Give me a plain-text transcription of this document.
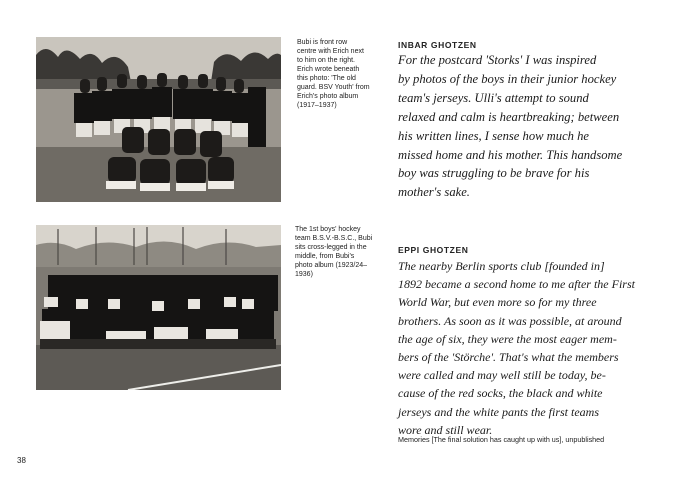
Bubi is front row
centre with Erich next
to him on the right.
Erich wrote beneath
this photo: 'The old
guard. BSV Youth' from
Erich's photo album
(1917–1937)
The 1st boys' hockey
team B.S.V.-B.S.C., Bubi
sits cross-legged in the
middle, from Bubi's
photo album (1923/24–
1936)
INBAR GHOTZEN
For the postcard 'Storks' I was inspired
by photos of the boys in their junior hockey
team's jerseys. Ulli's attempt to sound
relaxed and calm is heartbreaking; between
his written lines, I sense how much he
missed home and his mother. This handsome
boy was struggling to be brave for his
mother's sake.
EPPI GHOTZEN
The nearby Berlin sports club [founded in]
1892 became a second home to me after the First
World War, but even more so for my three
brothers. As soon as it was possible, at around
the age of six, they were the most eager mem-
bers of the 'Störche'. That's what the members
were called and may well still be today, be-
cause of the red socks, the black and white
jerseys and the white pants the first teams
wore and still wear.
Memories [The final solution has caught up with us], unpublished
38
